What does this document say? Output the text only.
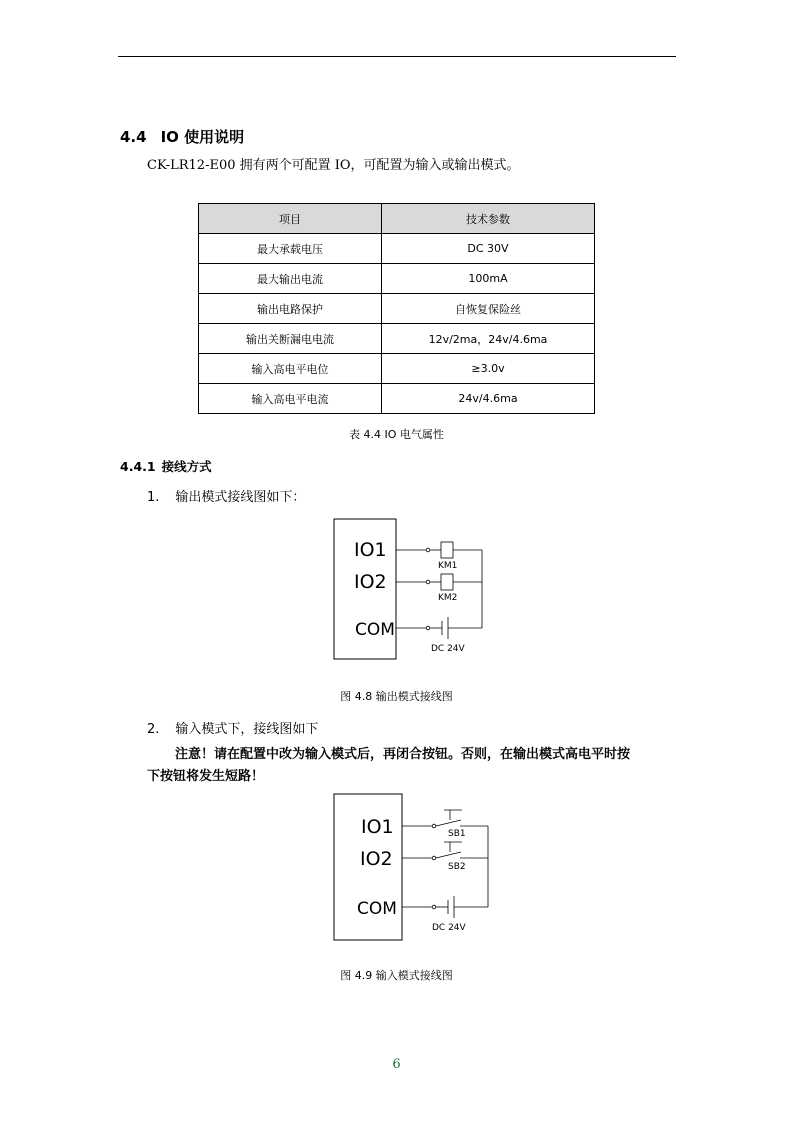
4.4 IO 使用说明
CK-LR12-E00 拥有两个可配置 IO，可配置为输入或输出模式。
项目	技术参数
最大承载电压	DC 30V
最大输出电流	100mA
输出电路保护	自恢复保险丝
输出关断漏电电流	12v/2ma，24v/4.6ma
输入高电平电位	≥3.0v
输入高电平电流	24v/4.6ma
表 4.4 IO 电气属性
4.4.1 接线方式
1. 输出模式接线图如下：
IO1
IO2
COM
KM1
KM2
DC 24V
图 4.8 输出模式接线图
2. 输入模式下，接线图如下
注意！请在配置中改为输入模式后，再闭合按钮。否则，在输出模式高电平时按
下按钮将发生短路！
IO1
IO2
COM
SB1
SB2
DC 24V
图 4.9 输入模式接线图
6
